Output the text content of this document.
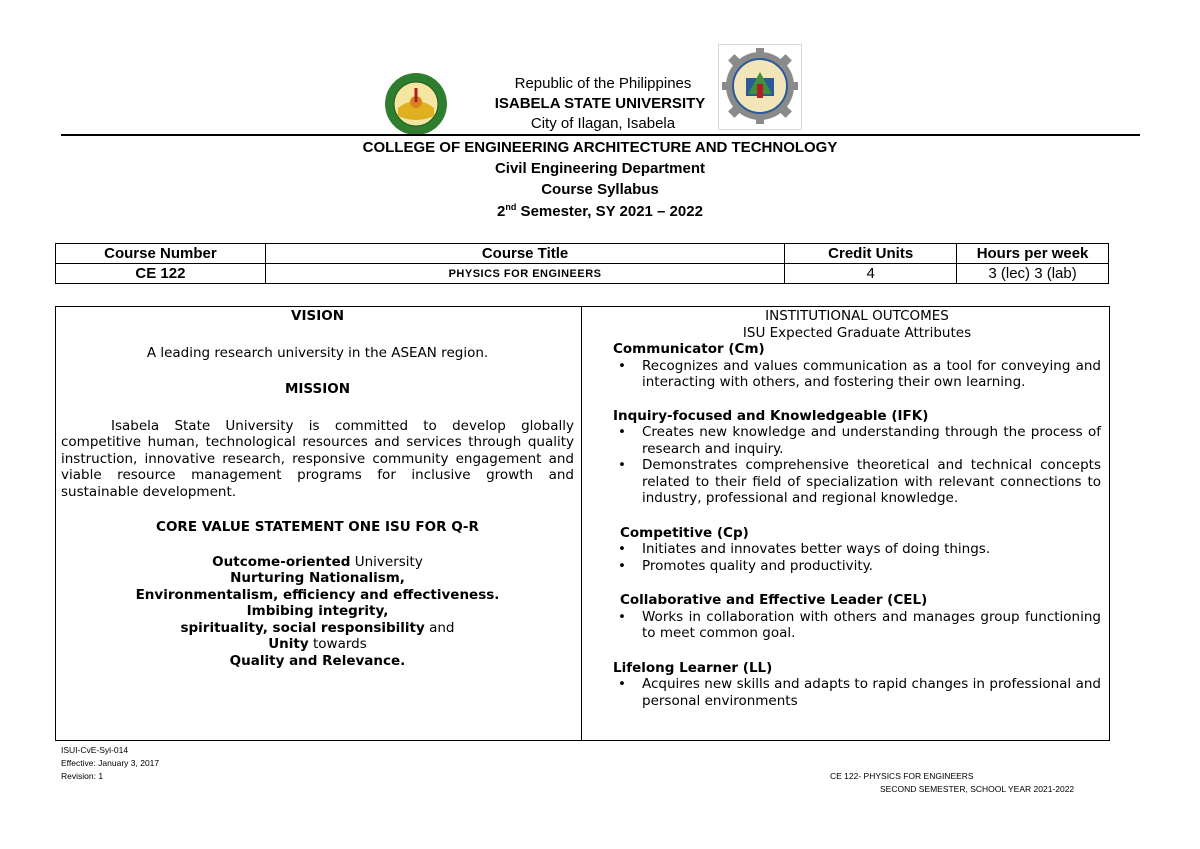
Republic of the Philippines
ISABELA STATE UNIVERSITY
City of Ilagan, Isabela
COLLEGE OF ENGINEERING ARCHITECTURE AND TECHNOLOGY
Civil Engineering Department
Course Syllabus
2nd Semester, SY 2021 – 2022
Course Number	Course Title	Credit Units	Hours per week
CE 122	PHYSICS FOR ENGINEERS	4	3 (lec) 3 (lab)
VISION
A leading research university in the ASEAN region.
MISSION
Isabela State University is committed to develop globally competitive human, technological resources and services through quality instruction, innovative research, responsive community engagement and viable resource management programs for inclusive growth and sustainable development.
CORE VALUE STATEMENT ONE ISU FOR Q-R
Outcome-oriented University
Nurturing Nationalism,
Environmentalism, efficiency and effectiveness.
Imbibing integrity,
spirituality, social responsibility and
Unity towards
Quality and Relevance.
INSTITUTIONAL OUTCOMES
ISU Expected Graduate Attributes
Communicator (Cm)
• Recognizes and values communication as a tool for conveying and interacting with others, and fostering their own learning.
Inquiry-focused and Knowledgeable (IFK)
• Creates new knowledge and understanding through the process of research and inquiry.
• Demonstrates comprehensive theoretical and technical concepts related to their field of specialization with relevant connections to industry, professional and regional knowledge.
Competitive (Cp)
• Initiates and innovates better ways of doing things.
• Promotes quality and productivity.
Collaborative and Effective Leader (CEL)
• Works in collaboration with others and manages group functioning to meet common goal.
Lifelong Learner (LL)
• Acquires new skills and adapts to rapid changes in professional and personal environments
ISUI-CvE-Syl-014
Effective: January 3, 2017
Revision: 1	CE 122- PHYSICS FOR ENGINEERS
SECOND SEMESTER, SCHOOL YEAR 2021-2022
